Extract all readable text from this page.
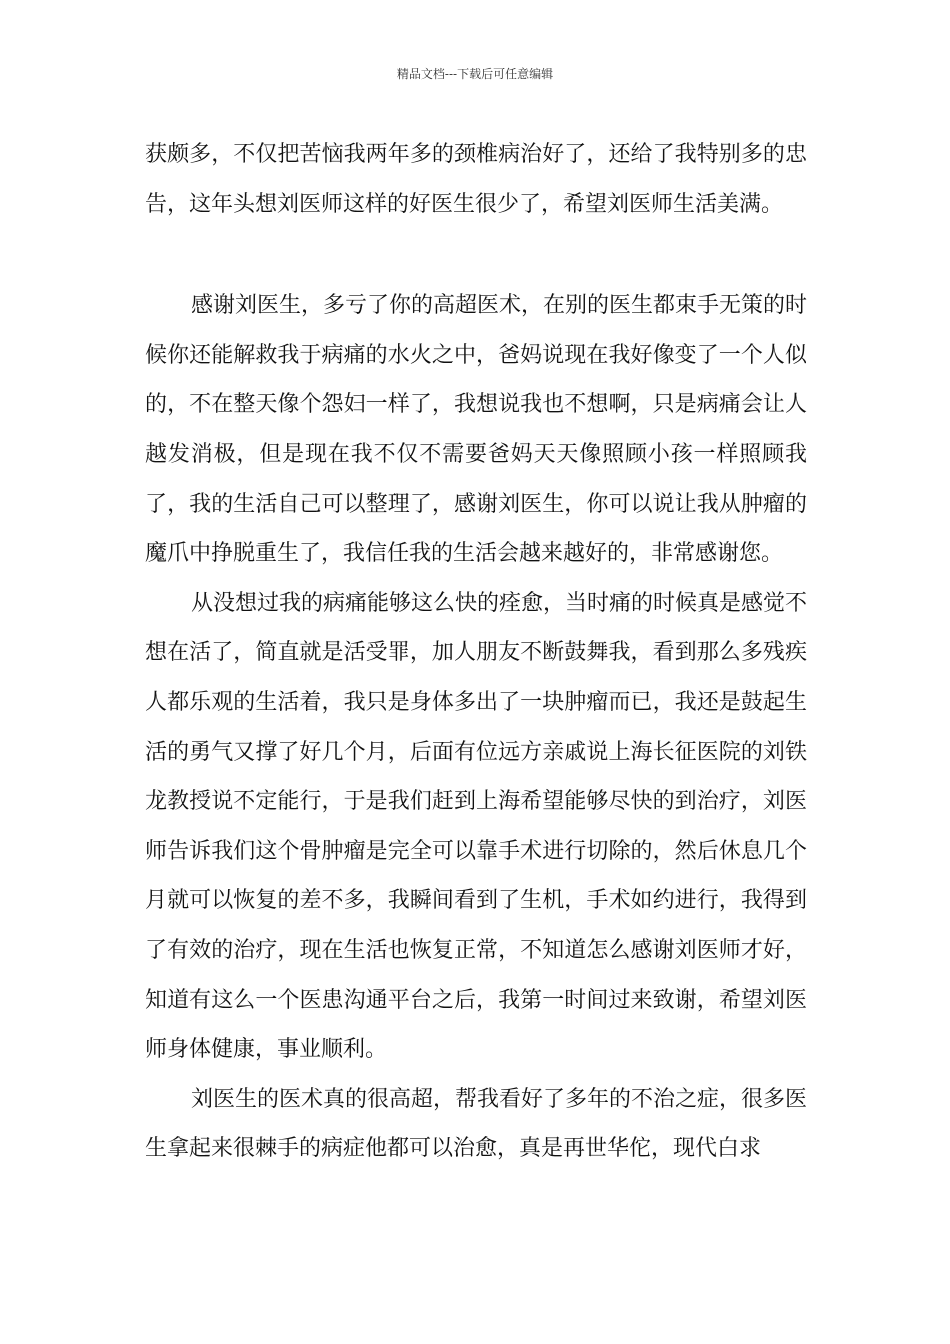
精品文档---下载后可任意编辑

获颇多，不仅把苦恼我两年多的颈椎病治好了，还给了我特别多的忠告，这年头想刘医师这样的好医生很少了，希望刘医师生活美满。

感谢刘医生，多亏了你的高超医术，在别的医生都束手无策的时候你还能解救我于病痛的水火之中，爸妈说现在我好像变了一个人似的，不在整天像个怨妇一样了，我想说我也不想啊，只是病痛会让人越发消极，但是现在我不仅不需要爸妈天天像照顾小孩一样照顾我了，我的生活自己可以整理了，感谢刘医生，你可以说让我从肿瘤的魔爪中挣脱重生了，我信任我的生活会越来越好的，非常感谢您。

从没想过我的病痛能够这么快的痊愈，当时痛的时候真是感觉不想在活了，简直就是活受罪，加人朋友不断鼓舞我，看到那么多残疾人都乐观的生活着，我只是身体多出了一块肿瘤而已，我还是鼓起生活的勇气又撑了好几个月，后面有位远方亲戚说上海长征医院的刘铁龙教授说不定能行，于是我们赶到上海希望能够尽快的到治疗，刘医师告诉我们这个骨肿瘤是完全可以靠手术进行切除的，然后休息几个月就可以恢复的差不多，我瞬间看到了生机，手术如约进行，我得到了有效的治疗，现在生活也恢复正常，不知道怎么感谢刘医师才好，知道有这么一个医患沟通平台之后，我第一时间过来致谢，希望刘医师身体健康，事业顺利。

刘医生的医术真的很高超，帮我看好了多年的不治之症，很多医生拿起来很棘手的病症他都可以治愈，真是再世华佗，现代白求
